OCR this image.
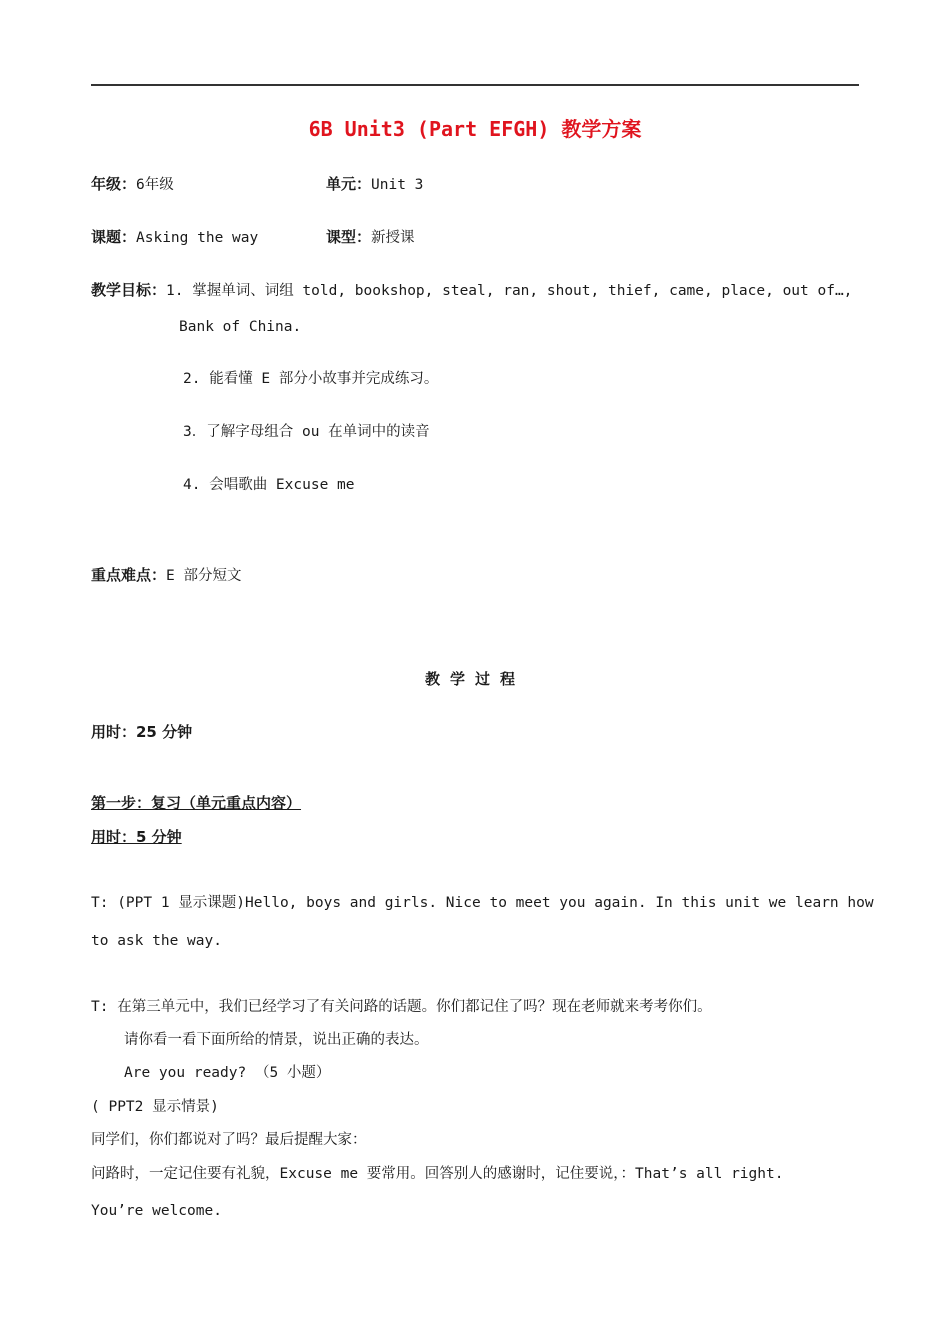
6B Unit3 (Part EFGH) 教学方案
年级：6年级	单元：Unit 3
课题：Asking the way	课型：新授课
教学目标：1. 掌握单词、词组 told, bookshop, steal, ran, shout, thief, came, place, out of…,
Bank of China.
2. 能看懂 E 部分小故事并完成练习。
3．了解字母组合 ou 在单词中的读音
4. 会唱歌曲 Excuse me
重点难点：E 部分短文
教学过程
用时：25 分钟
第一步：复习（单元重点内容）
用时：5 分钟
T: (PPT 1 显示课题)Hello, boys and girls. Nice to meet you again. In this unit we learn how
to ask the way.
T: 在第三单元中，我们已经学习了有关问路的话题。你们都记住了吗？现在老师就来考考你们。
请你看一看下面所给的情景，说出正确的表达。
Are you ready? （5 小题）
( PPT2 显示情景)
同学们，你们都说对了吗？最后提醒大家：
问路时，一定记住要有礼貌，Excuse me 要常用。回答别人的感谢时，记住要说，：That’s all right.
You’re welcome.
